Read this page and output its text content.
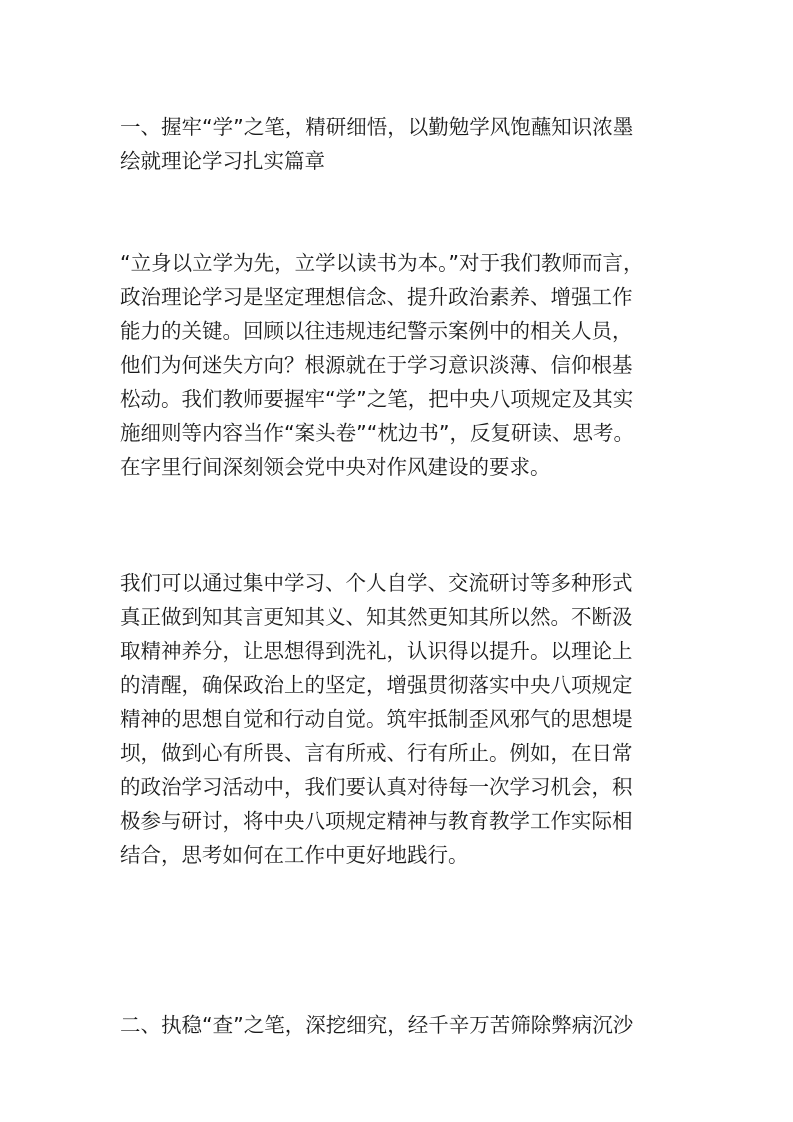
一、握牢“学”之笔，精研细悟，以勤勉学风饱蘸知识浓墨
绘就理论学习扎实篇章

“立身以立学为先，立学以读书为本。”对于我们教师而言，
政治理论学习是坚定理想信念、提升政治素养、增强工作
能力的关键。回顾以往违规违纪警示案例中的相关人员，
他们为何迷失方向？根源就在于学习意识淡薄、信仰根基
松动。我们教师要握牢“学”之笔，把中央八项规定及其实
施细则等内容当作“案头卷”“枕边书”，反复研读、思考。
在字里行间深刻领会党中央对作风建设的要求。

我们可以通过集中学习、个人自学、交流研讨等多种形式
真正做到知其言更知其义、知其然更知其所以然。不断汲
取精神养分，让思想得到洗礼，认识得以提升。以理论上
的清醒，确保政治上的坚定，增强贯彻落实中央八项规定
精神的思想自觉和行动自觉。筑牢抵制歪风邪气的思想堤
坝，做到心有所畏、言有所戒、行有所止。例如，在日常
的政治学习活动中，我们要认真对待每一次学习机会，积
极参与研讨，将中央八项规定精神与教育教学工作实际相
结合，思考如何在工作中更好地践行。

二、执稳“查”之笔，深挖细究，经千辛万苦筛除弊病沉沙
